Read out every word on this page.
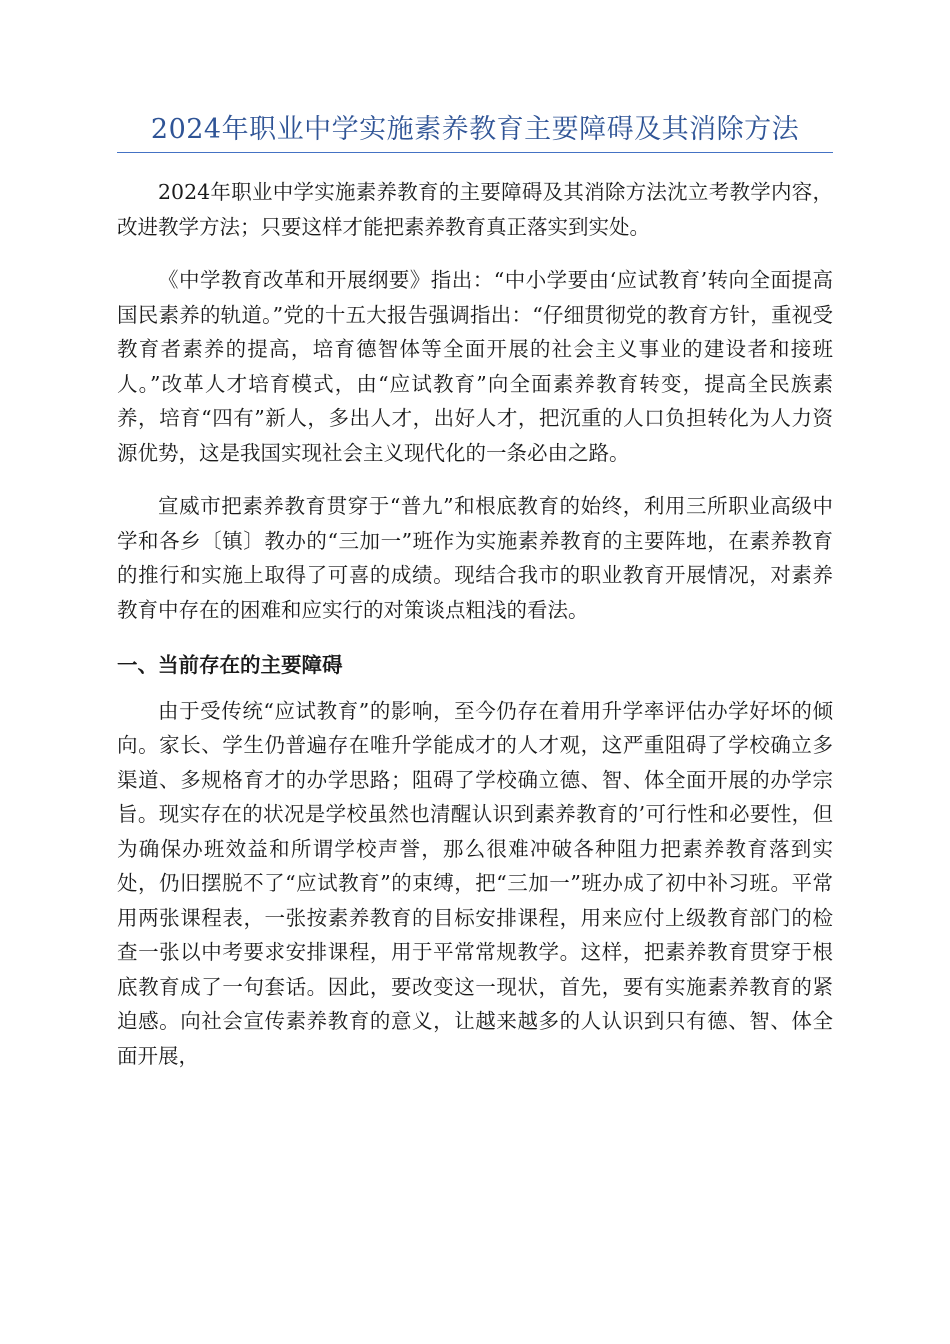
2024年职业中学实施素养教育主要障碍及其消除方法

2024年职业中学实施素养教育的主要障碍及其消除方法沈立考教学内容，改进教学方法；只要这样才能把素养教育真正落实到实处。

《中学教育改革和开展纲要》指出：“中小学要由‘应试教育’转向全面提高国民素养的轨道。”党的十五大报告强调指出：“仔细贯彻党的教育方针，重视受教育者素养的提高，培育德智体等全面开展的社会主义事业的建设者和接班人。”改革人才培育模式，由“应试教育”向全面素养教育转变，提高全民族素养，培育“四有”新人，多出人才，出好人才，把沉重的人口负担转化为人力资源优势，这是我国实现社会主义现代化的一条必由之路。

宣威市把素养教育贯穿于“普九”和根底教育的始终，利用三所职业高级中学和各乡〔镇〕教办的“三加一”班作为实施素养教育的主要阵地，在素养教育的推行和实施上取得了可喜的成绩。现结合我市的职业教育开展情况，对素养教育中存在的困难和应实行的对策谈点粗浅的看法。

一、当前存在的主要障碍

由于受传统“应试教育”的影响，至今仍存在着用升学率评估办学好坏的倾向。家长、学生仍普遍存在唯升学能成才的人才观，这严重阻碍了学校确立多渠道、多规格育才的办学思路；阻碍了学校确立德、智、体全面开展的办学宗旨。现实存在的状况是学校虽然也清醒认识到素养教育的’可行性和必要性，但为确保办班效益和所谓学校声誉，那么很难冲破各种阻力把素养教育落到实处，仍旧摆脱不了“应试教育”的束缚，把“三加一”班办成了初中补习班。平常用两张课程表，一张按素养教育的目标安排课程，用来应付上级教育部门的检查一张以中考要求安排课程，用于平常常规教学。这样，把素养教育贯穿于根底教育成了一句套话。因此，要改变这一现状，首先，要有实施素养教育的紧迫感。向社会宣传素养教育的意义，让越来越多的人认识到只有德、智、体全面开展，
